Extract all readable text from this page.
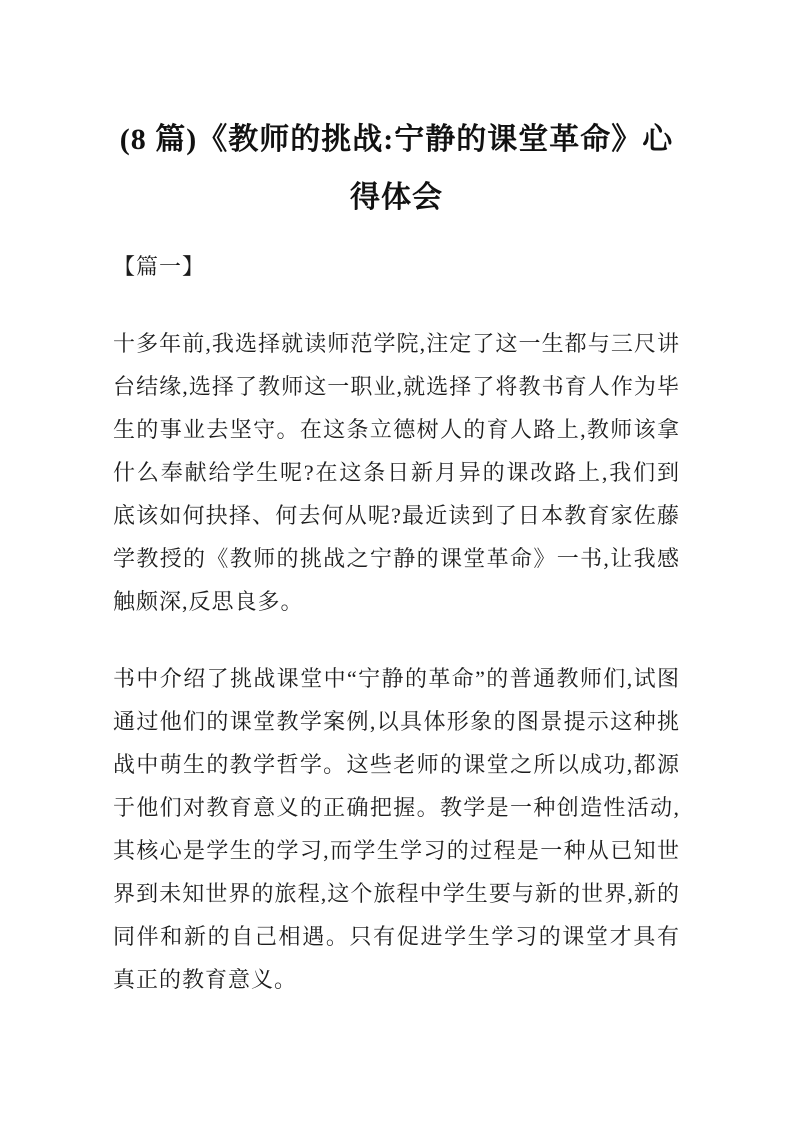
(8 篇)《教师的挑战:宁静的课堂革命》心得体会
【篇一】

十多年前,我选择就读师范学院,注定了这一生都与三尺讲台结缘,选择了教师这一职业,就选择了将教书育人作为毕生的事业去坚守。在这条立德树人的育人路上,教师该拿什么奉献给学生呢?在这条日新月异的课改路上,我们到底该如何抉择、何去何从呢?最近读到了日本教育家佐藤学教授的《教师的挑战之宁静的课堂革命》一书,让我感触颇深,反思良多。

书中介绍了挑战课堂中“宁静的革命”的普通教师们,试图通过他们的课堂教学案例,以具体形象的图景提示这种挑战中萌生的教学哲学。这些老师的课堂之所以成功,都源于他们对教育意义的正确把握。教学是一种创造性活动,其核心是学生的学习,而学生学习的过程是一种从已知世界到未知世界的旅程,这个旅程中学生要与新的世界,新的同伴和新的自己相遇。只有促进学生学习的课堂才具有真正的教育意义。
